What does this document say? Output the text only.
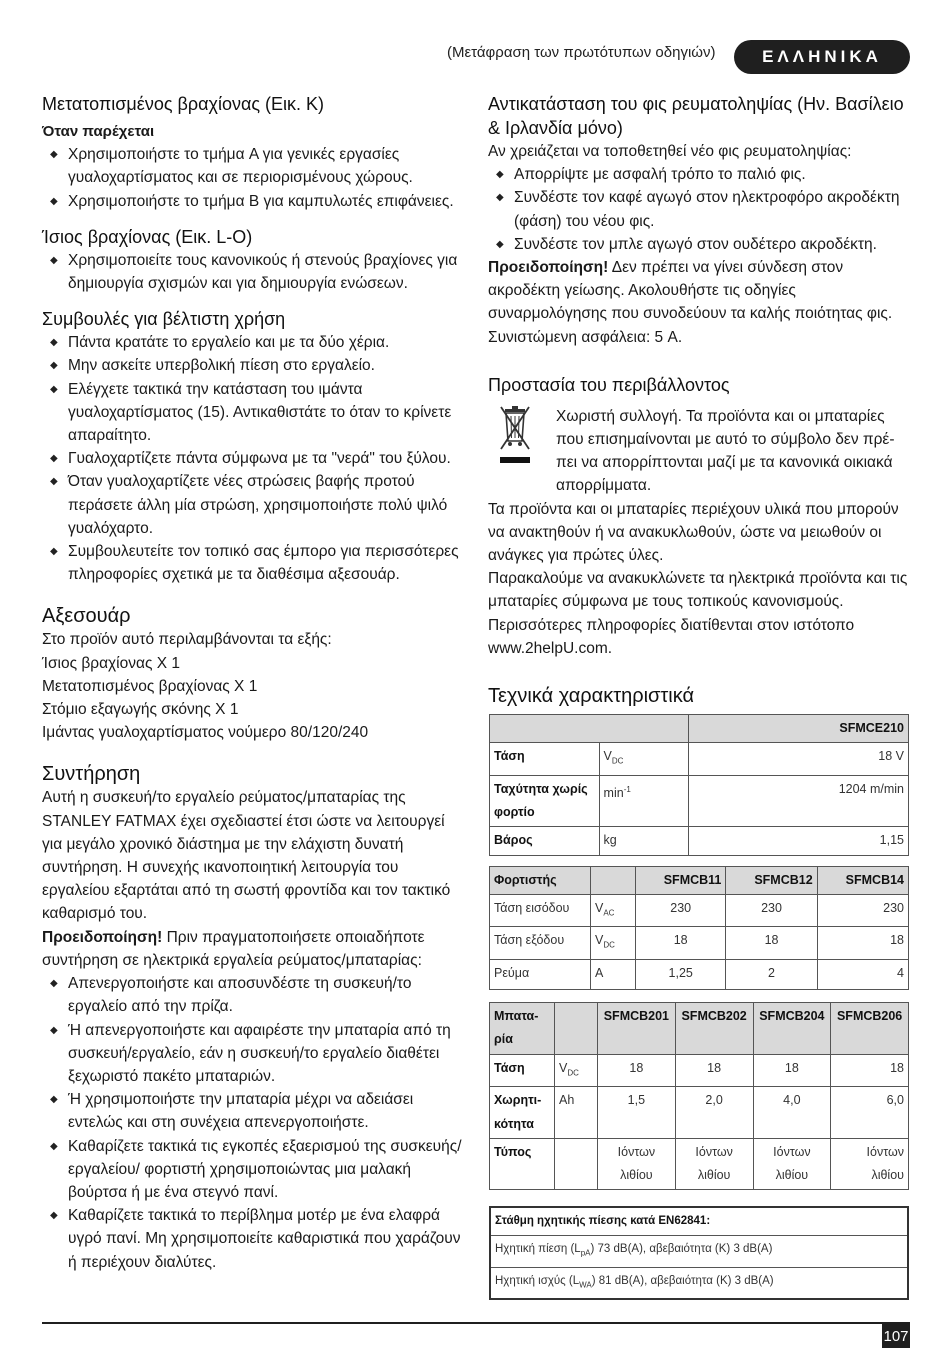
(Μετάφραση των πρωτότυπων οδηγιών)	ΕΛΛΗΝΙΚΑ
Μετατοπισμένος βραχίονας (Εικ. K)

Όταν παρέχεται

◆ Χρησιμοποιήστε το τμήμα A για γενικές εργασίες γυαλοχαρτίσματος και σε περιορισμένους χώρους.
◆ Χρησιμοποιήστε το τμήμα B για καμπυλωτές επιφάνειες.
Ίσιος βραχίονας (Εικ. L-O)
◆ Χρησιμοποιείτε τους κανονικούς ή στενούς βραχίονες για δημιουργία σχισμών και για δημιουργία ενώσεων.
Συμβουλές για βέλτιστη χρήση
◆ Πάντα κρατάτε το εργαλείο και με τα δύο χέρια.
◆ Μην ασκείτε υπερβολική πίεση στο εργαλείο.
◆ Ελέγχετε τακτικά την κατάσταση του ιμάντα γυαλοχαρτίσματος (15). Αντικαθιστάτε το όταν το κρίνετε απαραίτητο.
◆ Γυαλοχαρτίζετε πάντα σύμφωνα με τα "νερά" του ξύλου.
◆ Όταν γυαλοχαρτίζετε νέες στρώσεις βαφής προτού περάσετε άλλη μία στρώση, χρησιμοποιήστε πολύ ψιλό γυαλόχαρτο.
◆ Συμβουλευτείτε τον τοπικό σας έμπορο για περισσότερες πληροφορίες σχετικά με τα διαθέσιμα αξεσουάρ.
Αξεσουάρ

Στο προϊόν αυτό περιλαμβάνονται τα εξής:

Ίσιος βραχίονας X 1

Μετατοπισμένος βραχίονας X 1

Στόμιο εξαγωγής σκόνης X 1

Ιμάντας γυαλοχαρτίσματος νούμερο 80/120/240

Συντήρηση

Αυτή η συσκευή/το εργαλείο ρεύματος/μπαταρίας της STANLEY FATMAX έχει σχεδιαστεί έτσι ώστε να λειτουργεί για μεγάλο χρονικό διάστημα με την ελάχιστη δυνατή συντήρηση. Η συνεχής ικανοποιητική λειτουργία του εργαλείου εξαρτάται από τη σωστή φροντίδα και τον τακτικό καθαρισμό του.

Προειδοποίηση! Πριν πραγματοποιήσετε οποιαδήποτε συντήρηση σε ηλεκτρικά εργαλεία ρεύματος/μπαταρίας:

◆ Απενεργοποιήστε και αποσυνδέστε τη συσκευή/το εργαλείο από την πρίζα.
◆ Ή απενεργοποιήστε και αφαιρέστε την μπαταρία από τη συσκευή/εργαλείο, εάν η συσκευή/το εργαλείο διαθέτει ξεχωριστό πακέτο μπαταριών.
◆ Ή χρησιμοποιήστε την μπαταρία μέχρι να αδειάσει εντελώς και στη συνέχεια απενεργοποιήστε.
◆ Καθαρίζετε τακτικά τις εγκοπές εξαερισμού της συσκευής/ εργαλείου/ φορτιστή χρησιμοποιώντας μια μαλακή βούρτσα ή με ένα στεγνό πανί.
◆ Καθαρίζετε τακτικά το περίβλημα μοτέρ με ένα ελαφρά υγρό πανί. Μη χρησιμοποιείτε καθαριστικά που χαράζουν ή περιέχουν διαλύτες.
Αντικατάσταση του φις ρευματοληψίας (Ην. Βασίλειο & Ιρλανδία μόνο)

Αν χρειάζεται να τοποθετηθεί νέο φις ρευματοληψίας:

◆ Απορρίψτε με ασφαλή τρόπο το παλιό φις.
◆ Συνδέστε τον καφέ αγωγό στον ηλεκτροφόρο ακροδέκτη (φάση) του νέου φις.
◆ Συνδέστε τον μπλε αγωγό στον ουδέτερο ακροδέκτη.

Προειδοποίηση! Δεν πρέπει να γίνει σύνδεση στον ακροδέκτη γείωσης. Ακολουθήστε τις οδηγίες συναρμολόγησης που συνοδεύουν τα καλής ποιότητας φις. Συνιστώμενη ασφάλεια: 5 A.

Προστασία του περιβάλλοντος

Χωριστή συλλογή. Τα προϊόντα και οι μπαταρίες που επισημαίνονται με αυτό το σύμβολο δεν πρέ-πει να απορρίπτονται μαζί με τα κανονικά οικιακά απορρίμματα.

Τα προϊόντα και οι μπαταρίες περιέχουν υλικά που μπορούν να ανακτηθούν ή να ανακυκλωθούν, ώστε να μειωθούν οι ανάγκες για πρώτες ύλες.

Παρακαλούμε να ανακυκλώνετε τα ηλεκτρικά προϊόντα και τις μπαταρίες σύμφωνα με τους τοπικούς κανονισμούς. Περισσότερες πληροφορίες διατίθενται στον ιστότοπο www.2helpU.com.

Τεχνικά χαρακτηριστικά
		SFMCE210
Τάση	$V_{DC}$	18 V
Ταχύτητα χωρίς φορτίο	$\min^{-1}$	1204 m/min
Βάρος	kg	1,15
Φορτιστής		SFMCB11	SFMCB12	SFMCB14
Τάση εισόδου	$V_{AC}$	230	230	230
Τάση εξόδου	$V_{DC}$	18	18	18
Ρεύμα	A	1,25	2	4
Μπατα-ρία		SFMCB201	SFMCB202	SFMCB204	SFMCB206
Τάση	$V_{DC}$	18	18	18	18
Χωρητι-κότητα	Ah	1,5	2,0	4,0	6,0
Τύπος		Ιόντων λιθίου	Ιόντων λιθίου	Ιόντων λιθίου	Ιόντων λιθίου
Στάθμη ηχητικής πίεσης κατά EN62841:
Ηχητική πίεση $(L_{pA})$ 73 dB(A), αβεβαιότητα (K) 3 dB(A)
Ηχητική ισχύς $(L_{WA})$ 81 dB(A), αβεβαιότητα (K) 3 dB(A)
107
